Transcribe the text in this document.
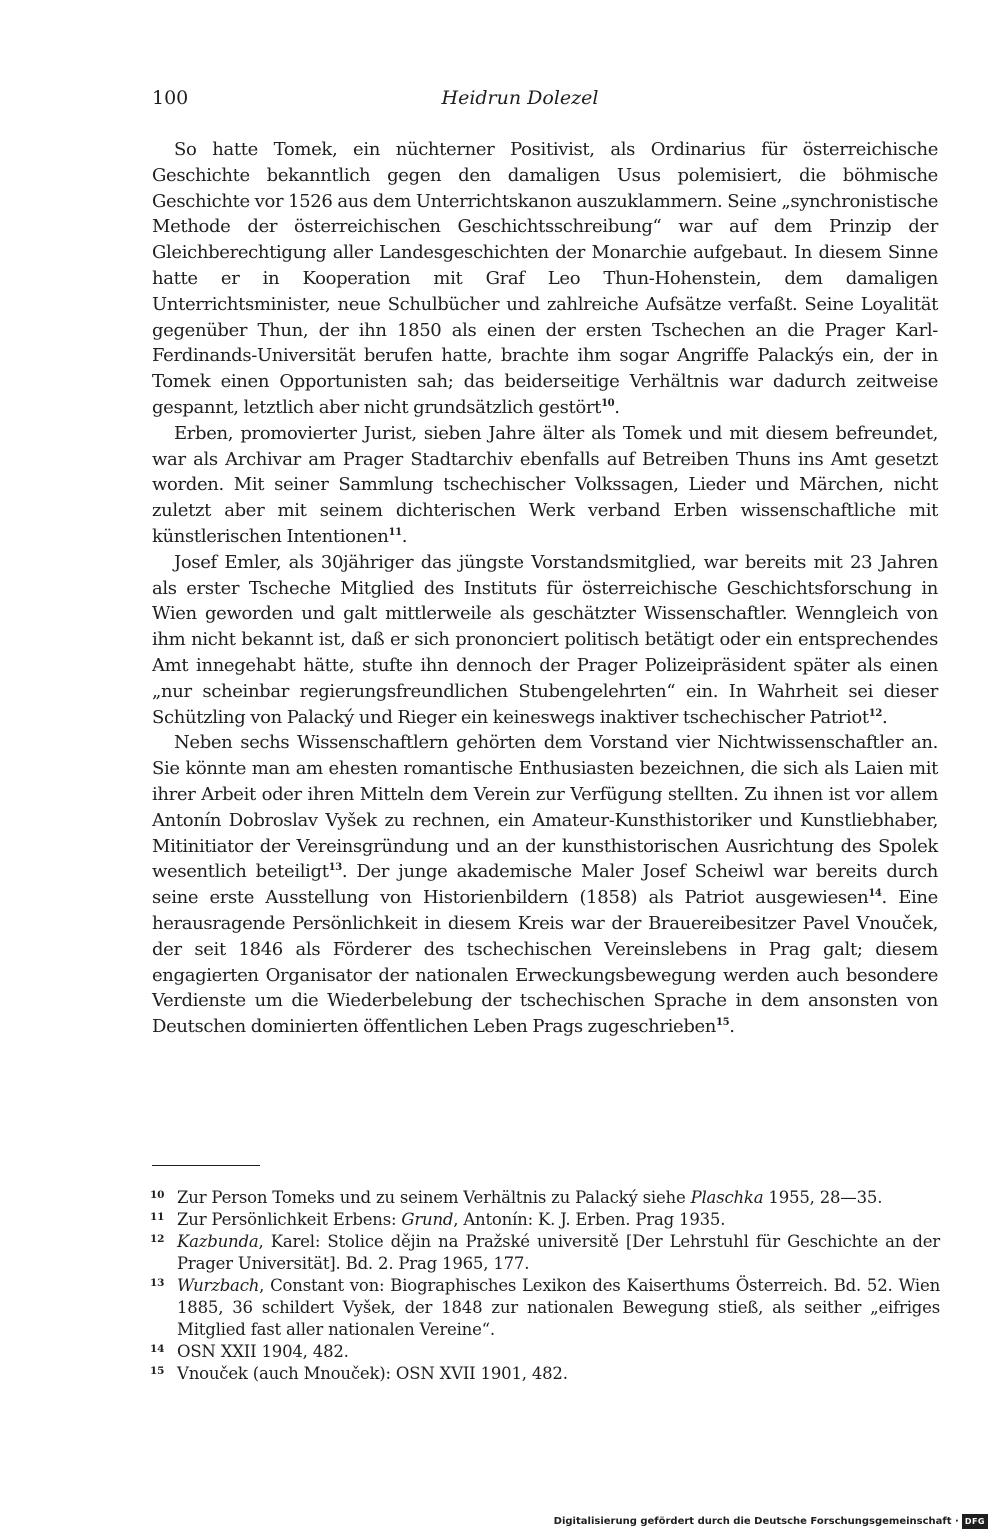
100	Heidrun Dolezel

So hatte Tomek, ein nüchterner Positivist, als Ordinarius für österreichische Geschichte bekanntlich gegen den damaligen Usus polemisiert, die böhmische Geschichte vor 1526 aus dem Unterrichtskanon auszuklammern. Seine „synchronistische Methode der österreichischen Geschichtsschreibung“ war auf dem Prinzip der Gleichberechtigung aller Landesgeschichten der Monarchie aufgebaut. In diesem Sinne hatte er in Kooperation mit Graf Leo Thun-Hohenstein, dem damaligen Unterrichtsminister, neue Schulbücher und zahlreiche Aufsätze verfaßt. Seine Loyalität gegenüber Thun, der ihn 1850 als einen der ersten Tschechen an die Prager Karl-Ferdinands-Universität berufen hatte, brachte ihm sogar Angriffe Palackýs ein, der in Tomek einen Opportunisten sah; das beiderseitige Verhältnis war dadurch zeitweise gespannt, letztlich aber nicht grundsätzlich gestört$^{10}$.

Erben, promovierter Jurist, sieben Jahre älter als Tomek und mit diesem befreundet, war als Archivar am Prager Stadtarchiv ebenfalls auf Betreiben Thuns ins Amt gesetzt worden. Mit seiner Sammlung tschechischer Volkssagen, Lieder und Märchen, nicht zuletzt aber mit seinem dichterischen Werk verband Erben wissenschaftliche mit künstlerischen Intentionen$^{11}$.

Josef Emler, als 30jähriger das jüngste Vorstandsmitglied, war bereits mit 23 Jahren als erster Tscheche Mitglied des Instituts für österreichische Geschichtsforschung in Wien geworden und galt mittlerweile als geschätzter Wissenschaftler. Wenngleich von ihm nicht bekannt ist, daß er sich prononciert politisch betätigt oder ein entsprechendes Amt innegehabt hätte, stufte ihn dennoch der Prager Polizeipräsident später als einen „nur scheinbar regierungsfreundlichen Stubengelehrten“ ein. In Wahrheit sei dieser Schützling von Palacký und Rieger ein keineswegs inaktiver tschechischer Patriot$^{12}$.

Neben sechs Wissenschaftlern gehörten dem Vorstand vier Nichtwissenschaftler an. Sie könnte man am ehesten romantische Enthusiasten bezeichnen, die sich als Laien mit ihrer Arbeit oder ihren Mitteln dem Verein zur Verfügung stellten. Zu ihnen ist vor allem Antonín Dobroslav Vyšek zu rechnen, ein Amateur-Kunsthistoriker und Kunstliebhaber, Mitinitiator der Vereinsgründung und an der kunsthistorischen Ausrichtung des Spolek wesentlich beteiligt$^{13}$. Der junge akademische Maler Josef Scheiwl war bereits durch seine erste Ausstellung von Historienbildern (1858) als Patriot ausgewiesen$^{14}$. Eine herausragende Persönlichkeit in diesem Kreis war der Brauereibesitzer Pavel Vnouček, der seit 1846 als Förderer des tschechischen Vereinslebens in Prag galt; diesem engagierten Organisator der nationalen Erweckungsbewegung werden auch besondere Verdienste um die Wiederbelebung der tschechischen Sprache in dem ansonsten von Deutschen dominierten öffentlichen Leben Prags zugeschrieben$^{15}$.

10 Zur Person Tomeks und zu seinem Verhältnis zu Palacký siehe Plaschka 1955, 28—35.
11 Zur Persönlichkeit Erbens: Grund, Antonín: K. J. Erben. Prag 1935.
12 Kazbunda, Karel: Stolice dějin na Pražské universitě [Der Lehrstuhl für Geschichte an der Prager Universität]. Bd. 2. Prag 1965, 177.
13 Wurzbach, Constant von: Biographisches Lexikon des Kaiserthums Österreich. Bd. 52. Wien 1885, 36 schildert Vyšek, der 1848 zur nationalen Bewegung stieß, als seither „eifriges Mitglied fast aller nationalen Vereine“.
14 OSN XXII 1904, 482.
15 Vnouček (auch Mnouček): OSN XVII 1901, 482.
Digitalisierung gefördert durch die Deutsche Forschungsgemeinschaft · DFG
